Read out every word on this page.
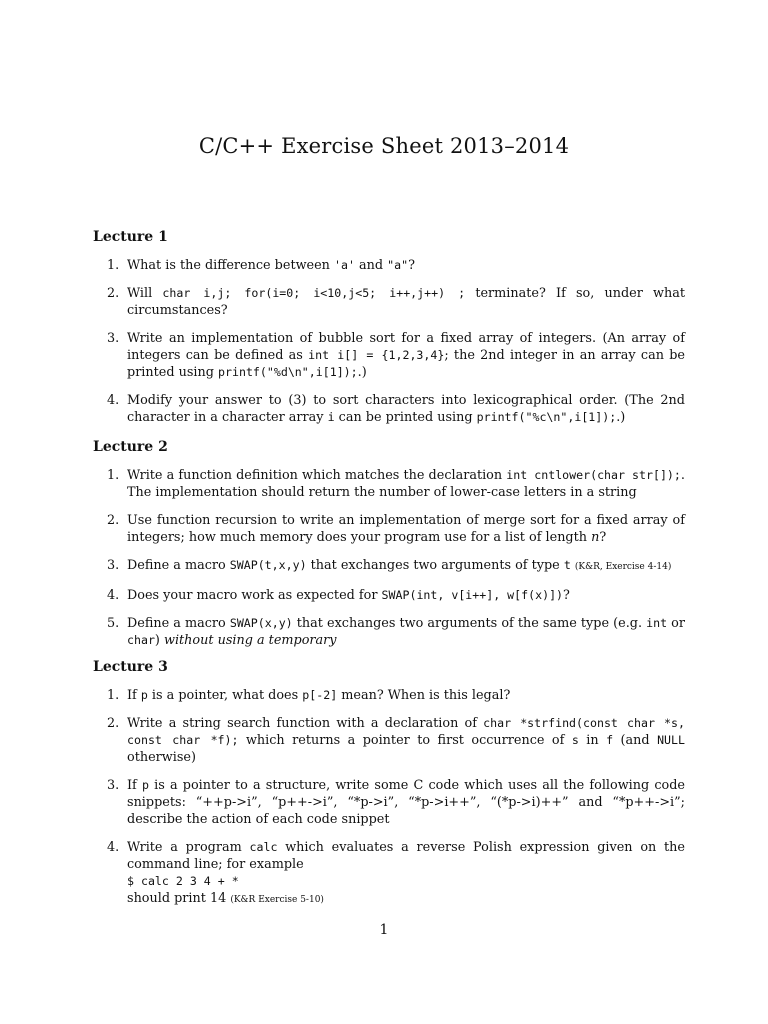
C/C++ Exercise Sheet 2013–2014
Lecture 1
1. What is the difference between 'a' and "a"?
2. Will char i,j; for(i=0; i<10,j<5; i++,j++) ; terminate? If so, under what circumstances?
3. Write an implementation of bubble sort for a fixed array of integers. (An array of integers can be defined as int i[] = {1,2,3,4}; the 2nd integer in an array can be printed using printf("%d\n",i[1]);.)
4. Modify your answer to (3) to sort characters into lexicographical order. (The 2nd character in a character array i can be printed using printf("%c\n",i[1]);.)
Lecture 2
1. Write a function definition which matches the declaration int cntlower(char str[]);. The implementation should return the number of lower-case letters in a string
2. Use function recursion to write an implementation of merge sort for a fixed array of integers; how much memory does your program use for a list of length n?
3. Define a macro SWAP(t,x,y) that exchanges two arguments of type t (K&R, Exercise 4-14)
4. Does your macro work as expected for SWAP(int, v[i++], w[f(x)])?
5. Define a macro SWAP(x,y) that exchanges two arguments of the same type (e.g. int or char) without using a temporary
Lecture 3
1. If p is a pointer, what does p[-2] mean? When is this legal?
2. Write a string search function with a declaration of char *strfind(const char *s, const char *f); which returns a pointer to first occurrence of s in f (and NULL otherwise)
3. If p is a pointer to a structure, write some C code which uses all the following code snippets: “++p->i”, “p++->i”, “*p->i”, “*p->i++”, “(*p->i)++” and “*p++->i”; describe the action of each code snippet
4. Write a program calc which evaluates a reverse Polish expression given on the command line; for example
$ calc 2 3 4 + *
should print 14 (K&R Exercise 5-10)
1
